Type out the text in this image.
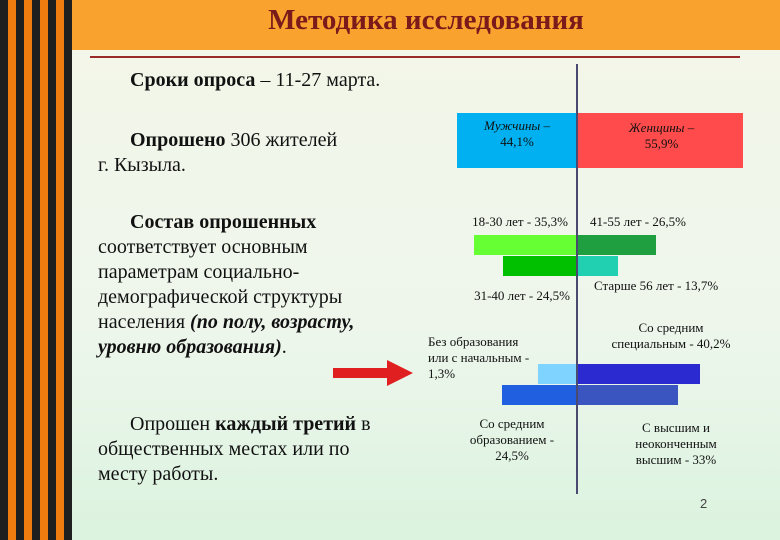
Методика исследования
Сроки опроса – 11-27 марта.
Опрошено 306 жителей
г. Кызыла.
Состав опрошенных
соответствует основным
параметрам социально-
демографической структуры
населения (по полу, возрасту,
уровню образования).
Опрошен каждый третий в
общественных местах или по
месту работы.
Мужчины –
44,1%
Женщины –
55,9%
18-30 лет - 35,3%	41-55 лет - 26,5%
31-40 лет - 24,5%
Старше 56 лет - 13,7%
Без образования
или с начальным -
1,3%
Со средним
специальным - 40,2%
Со средним
образованием -
24,5%
С высшим и
неоконченным
высшим - 33%
2
